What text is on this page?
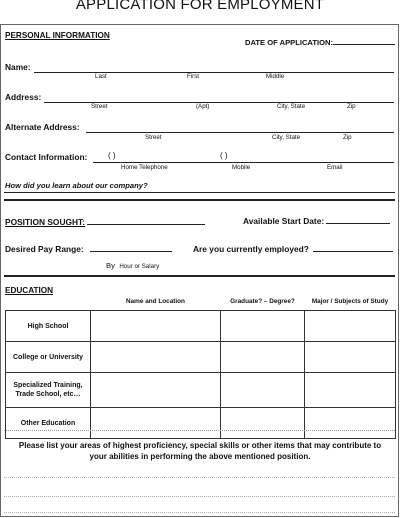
APPLICATION FOR EMPLOYMENT
PERSONAL INFORMATION
DATE OF APPLICATION:
Name:
Last	First	Middle
Address:
Street	(Apt)	City, State	Zip
Alternate Address:
Street	City, State	Zip
Contact Information:	( )	( )
Home Telephone	Mobile	Email
How did you learn about our company?
POSITION SOUGHT:	Available Start Date:
Desired Pay Range:
By Hour or Salary
Are you currently employed?
EDUCATION
	Name and Location	Graduate? – Degree?	Major / Subjects of Study
High School			
College or University			
Specialized Training, Trade School, etc…			
Other Education			
Please list your areas of highest proficiency, special skills or other items that may contribute to your abilities in performing the above mentioned position.
